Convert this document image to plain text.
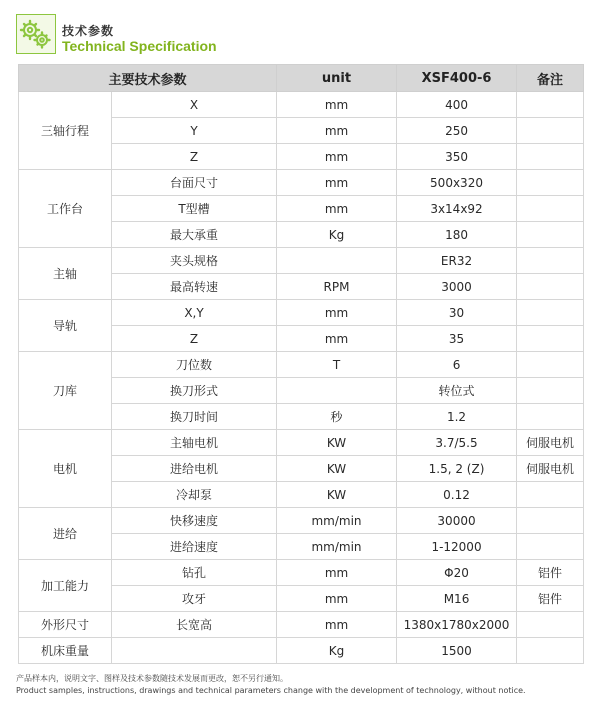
技术参数
Technical Specification
主要技术参数		unit	XSF400-6	备注
三轴行程	X	mm	400	
	Y	mm	250	
	Z	mm	350	
工作台	台面尺寸	mm	500x320	
	T型槽	mm	3x14x92	
	最大承重	Kg	180	
主轴	夹头规格		ER32	
	最高转速	RPM	3000	
导轨	X,Y	mm	30	
	Z	mm	35	
刀库	刀位数	T	6	
	换刀形式		转位式	
	换刀时间	秒	1.2	
电机	主轴电机	KW	3.7/5.5	伺服电机
	进给电机	KW	1.5, 2 (Z)	伺服电机
	冷却泵	KW	0.12	
进给	快移速度	mm/min	30000	
	进给速度	mm/min	1-12000	
加工能力	钻孔	mm	Φ20	铝件
	攻牙	mm	M16	铝件
外形尺寸	长宽高	mm	1380x1780x2000	
机床重量		Kg	1500	
产品样本内，说明文字、图样及技术参数随技术发展而更改，恕不另行通知。
Product samples, instructions, drawings and technical parameters change with the development of technology, without notice.
